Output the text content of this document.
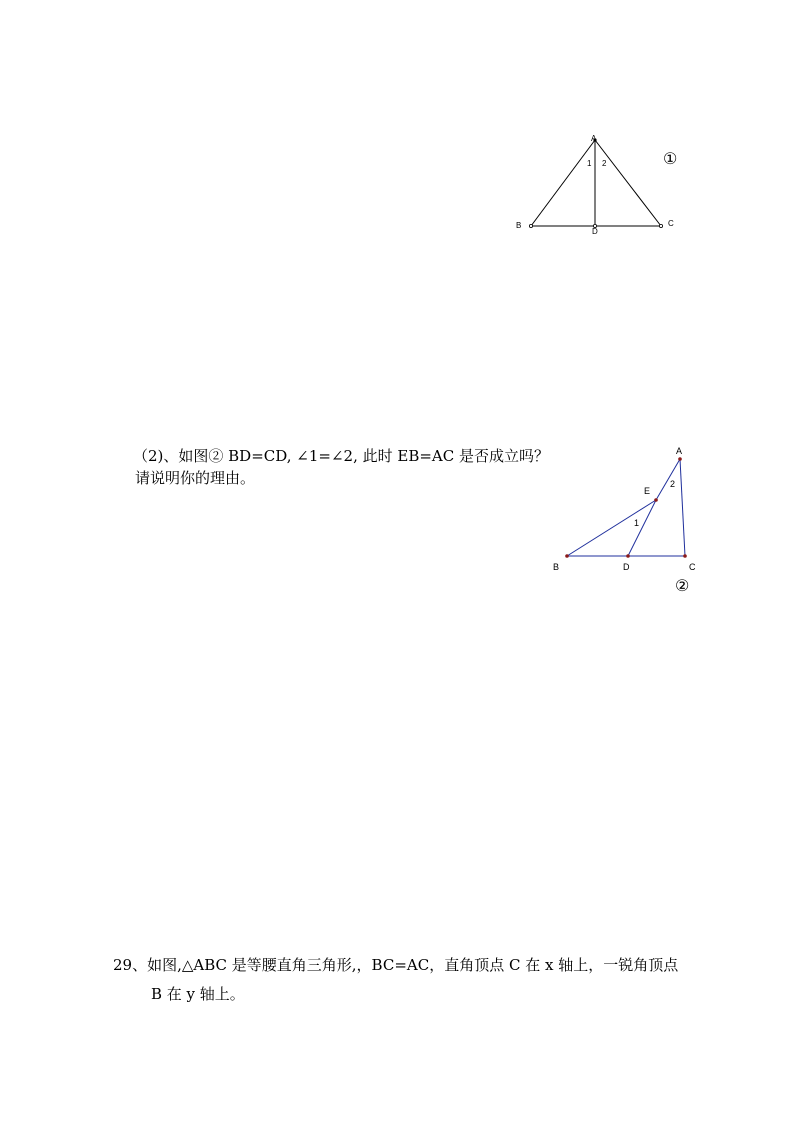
A
B	C
D
1 2	①
（2)、如图② BD=CD, ∠1=∠2, 此时 EB=AC 是否成立吗？
请说明你的理由。
A
B	C
D
E
1
2
②
29、如图,△ABC 是等腰直角三角形,，BC=AC，直角顶点 C 在 x 轴上，一锐角顶点
B 在 y 轴上。
